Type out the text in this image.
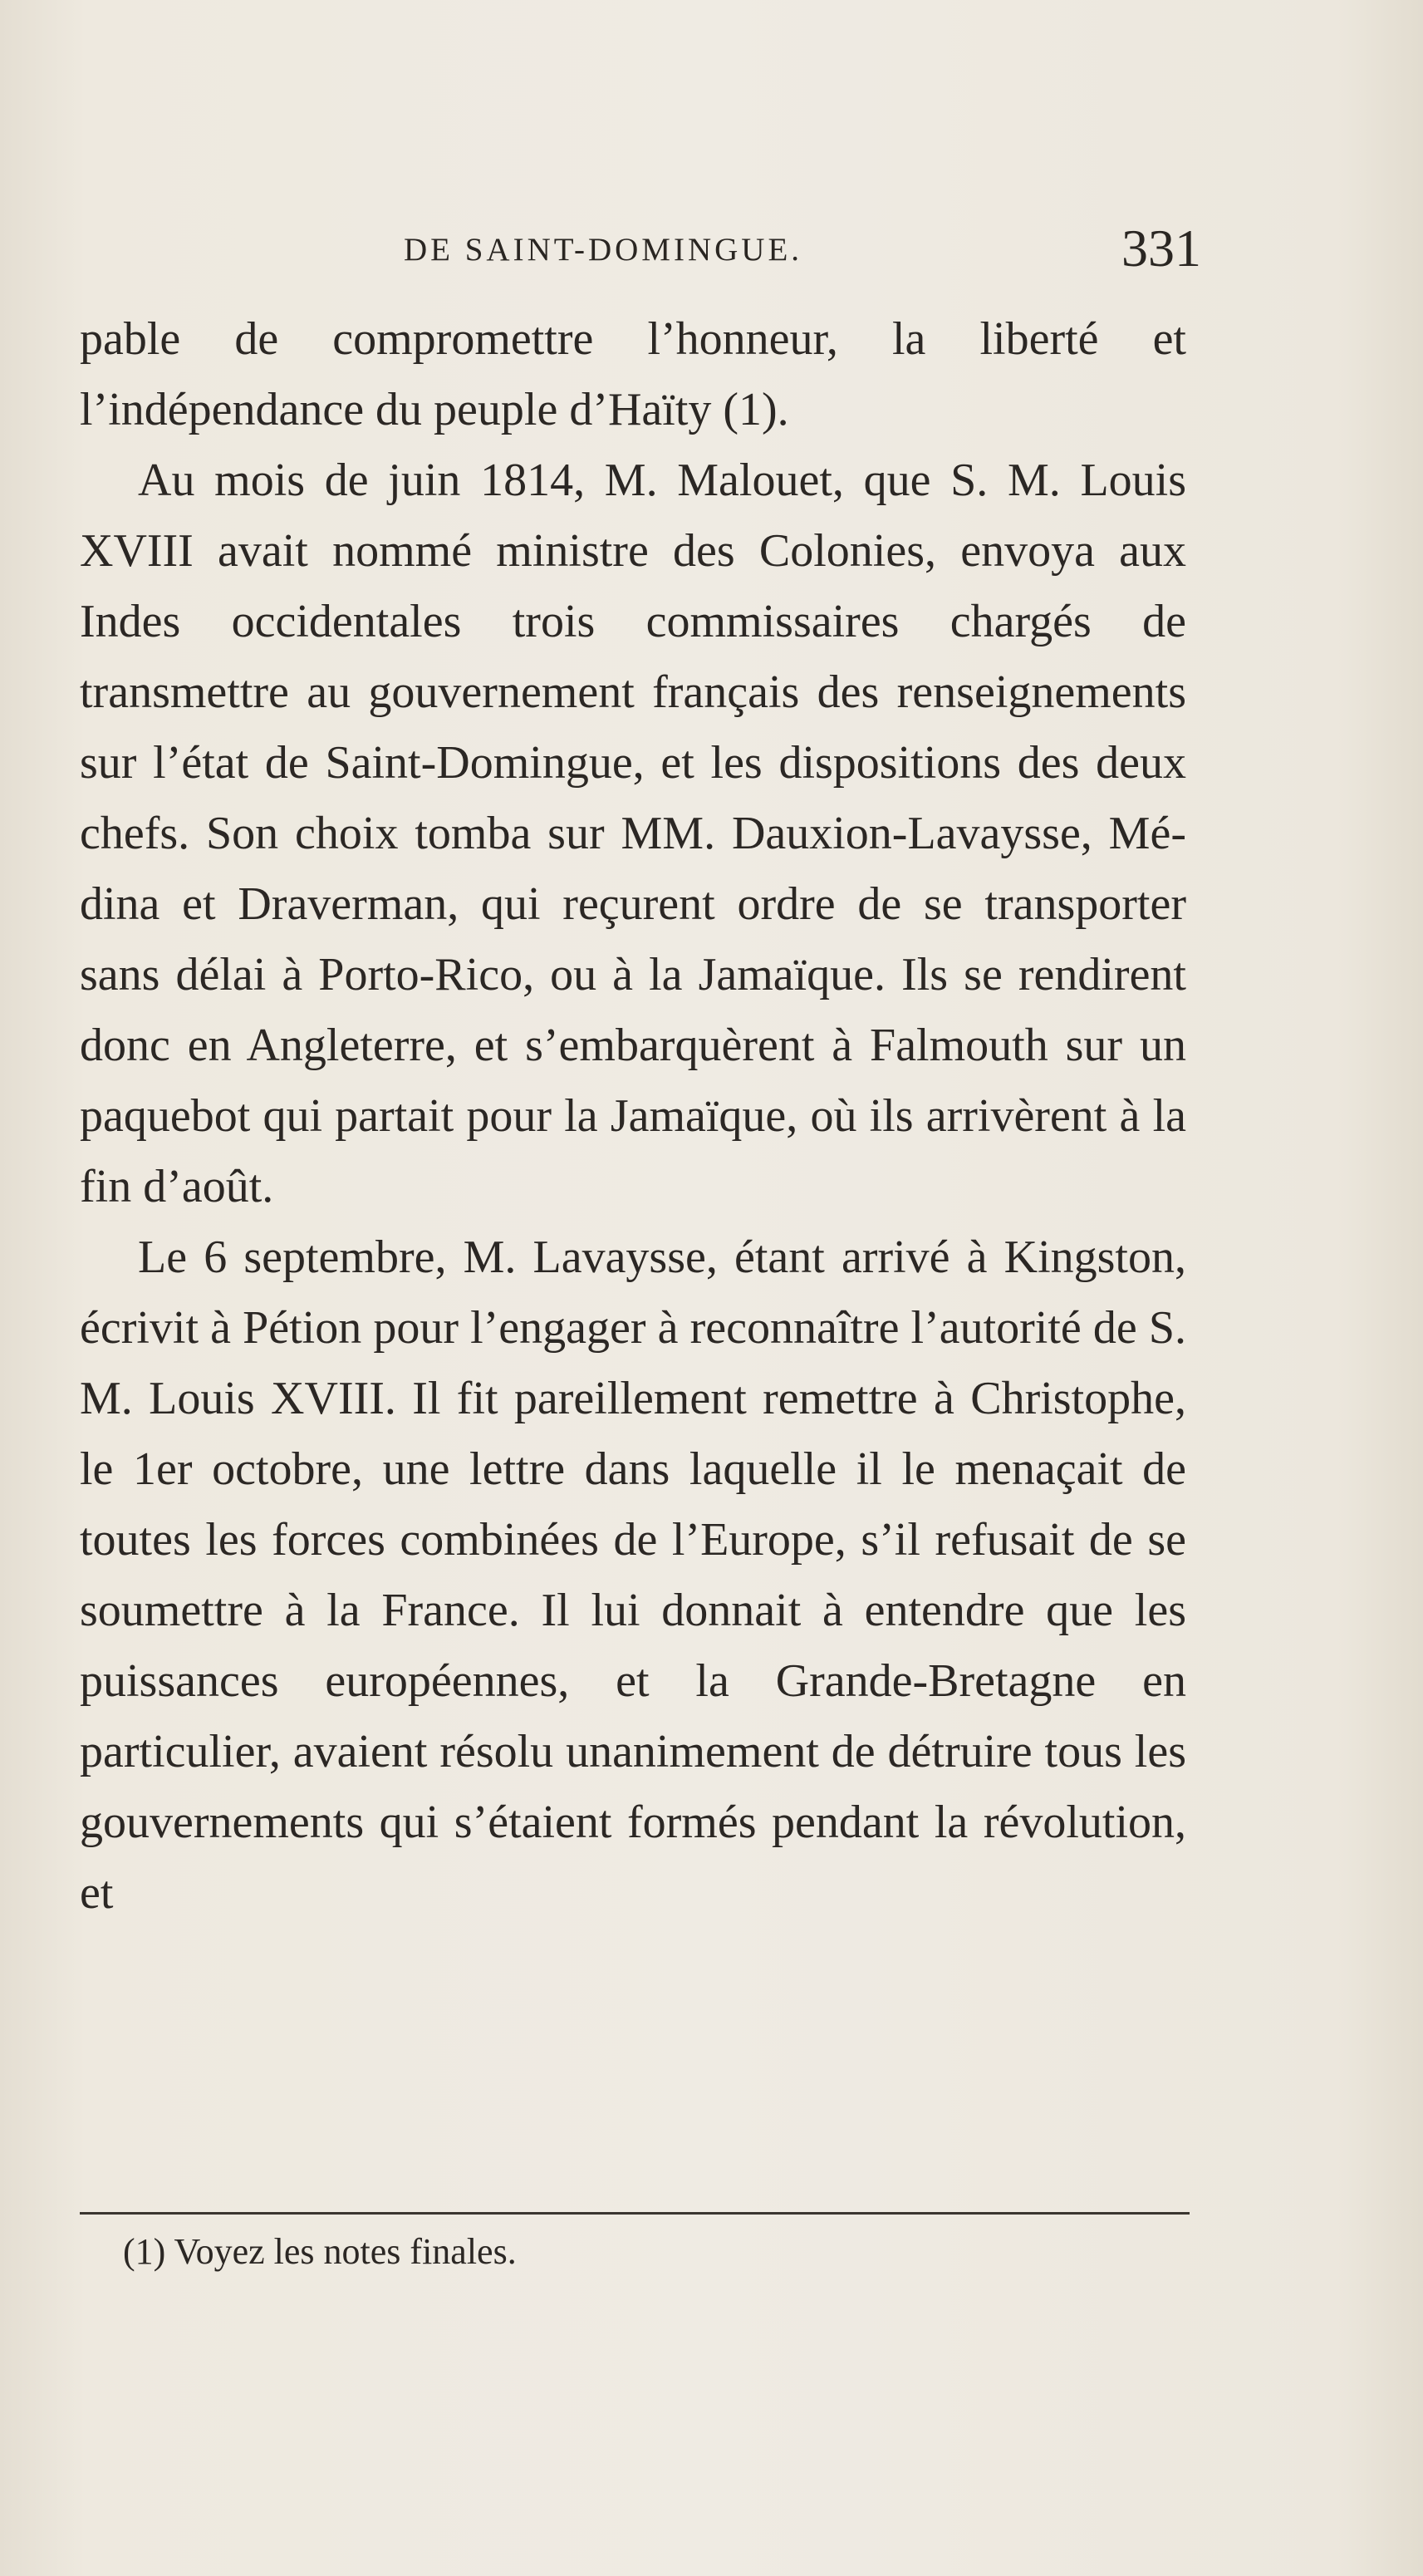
DE SAINT-DOMINGUE.	331

pable de compromettre l’honneur, la liberté et l’indépendance du peuple d’Haïty (1).

Au mois de juin 1814, M. Malouet, que S. M. Louis XVIII avait nommé ministre des Colonies, envoya aux Indes occidentales trois commissaires chargés de transmettre au gouvernement français des renseignements sur l’état de Saint-Domingue, et les dispositions des deux chefs. Son choix tomba sur MM. Dauxion-Lavaysse, Médina et Draverman, qui reçurent ordre de se transporter sans délai à Porto-Rico, ou à la Jamaïque. Ils se rendirent donc en Angleterre, et s’embarquèrent à Falmouth sur un paquebot qui partait pour la Jamaïque, où ils arrivèrent à la fin d’août.

Le 6 septembre, M. Lavaysse, étant arrivé à Kingston, écrivit à Pétion pour l’engager à reconnaître l’autorité de S. M. Louis XVIII. Il fit pareillement remettre à Christophe, le 1er octobre, une lettre dans laquelle il le menaçait de toutes les forces combinées de l’Europe, s’il refusait de se soumettre à la France. Il lui donnait à entendre que les puissances européennes, et la Grande-Bretagne en particulier, avaient résolu unanimement de détruire tous les gouvernements qui s’étaient formés pendant la révolution, et

(1) Voyez les notes finales.
